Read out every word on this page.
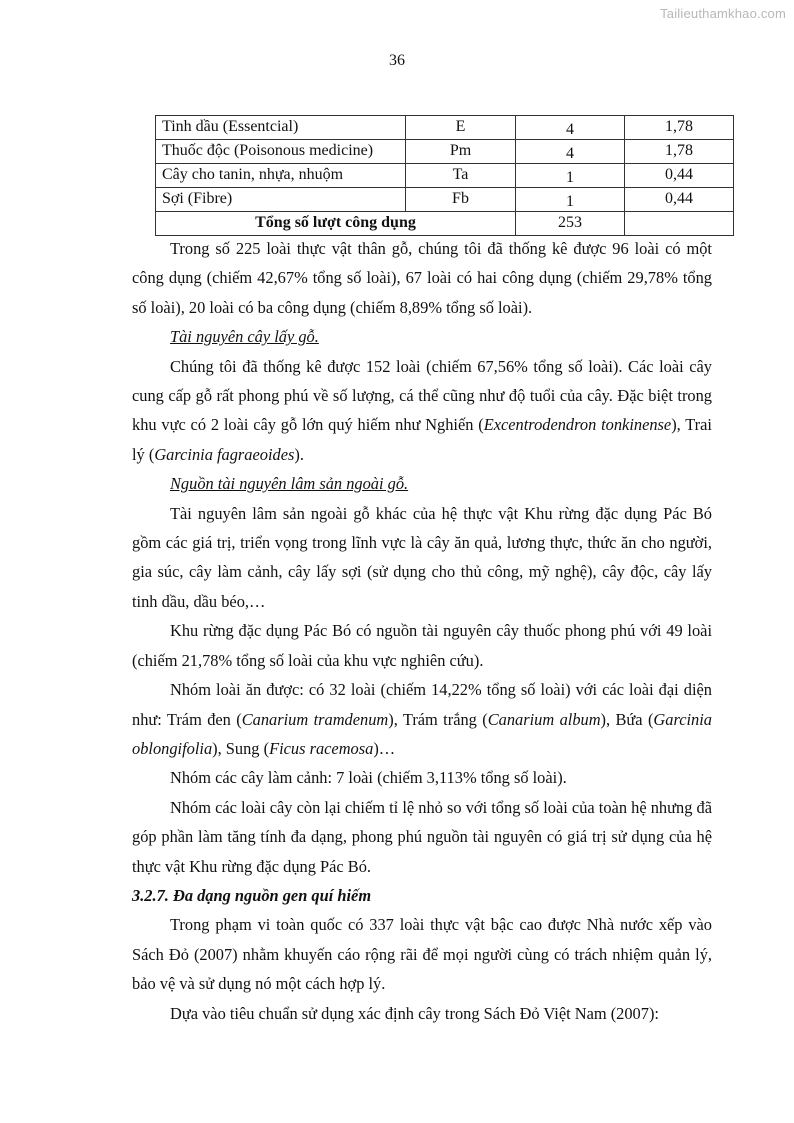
Tailieuthamkhao.com
36
Tinh dầu (Essentcial)	E	4	1,78
Thuốc độc (Poisonous medicine)	Pm	4	1,78
Cây cho tanin, nhựa, nhuộm	Ta	1	0,44
Sợi (Fibre)	Fb	1	0,44
Tổng số lượt công dụng		253	

Trong số 225 loài thực vật thân gỗ, chúng tôi đã thống kê được 96 loài có một công dụng (chiếm 42,67% tổng số loài), 67 loài có hai công dụng (chiếm 29,78% tổng số loài), 20 loài có ba công dụng (chiếm 8,89% tổng số loài).

Tài nguyên cây lấy gỗ.

Chúng tôi đã thống kê được 152 loài (chiếm 67,56% tổng số loài). Các loài cây cung cấp gỗ rất phong phú về số lượng, cá thể cũng như độ tuổi của cây. Đặc biệt trong khu vực có 2 loài cây gỗ lớn quý hiếm như Nghiến (Excentrodendron tonkinense), Trai lý (Garcinia fagraeoides).

Nguồn tài nguyên lâm sản ngoài gỗ.

Tài nguyên lâm sản ngoài gỗ khác của hệ thực vật Khu rừng đặc dụng Pác Bó gồm các giá trị, triển vọng trong lĩnh vực là cây ăn quả, lương thực, thức ăn cho người, gia súc, cây làm cảnh, cây lấy sợi (sử dụng cho thủ công, mỹ nghệ), cây độc, cây lấy tinh dầu, dầu béo,…

Khu rừng đặc dụng Pác Bó có nguồn tài nguyên cây thuốc phong phú với 49 loài (chiếm 21,78% tổng số loài của khu vực nghiên cứu).

Nhóm loài ăn được: có 32 loài (chiếm 14,22% tổng số loài) với các loài đại diện như: Trám đen (Canarium tramdenum), Trám trắng (Canarium album), Bứa (Garcinia oblongifolia), Sung (Ficus racemosa)…

Nhóm các cây làm cảnh: 7 loài (chiếm 3,113% tổng số loài).

Nhóm các loài cây còn lại chiếm tỉ lệ nhỏ so với tổng số loài của toàn hệ nhưng đã góp phần làm tăng tính đa dạng, phong phú nguồn tài nguyên có giá trị sử dụng của hệ thực vật Khu rừng đặc dụng Pác Bó.

3.2.7. Đa dạng nguồn gen quí hiếm

Trong phạm vi toàn quốc có 337 loài thực vật bậc cao được Nhà nước xếp vào Sách Đỏ (2007) nhằm khuyến cáo rộng rãi để mọi người cùng có trách nhiệm quản lý, bảo vệ và sử dụng nó một cách hợp lý.

Dựa vào tiêu chuẩn sử dụng xác định cây trong Sách Đỏ Việt Nam (2007):
